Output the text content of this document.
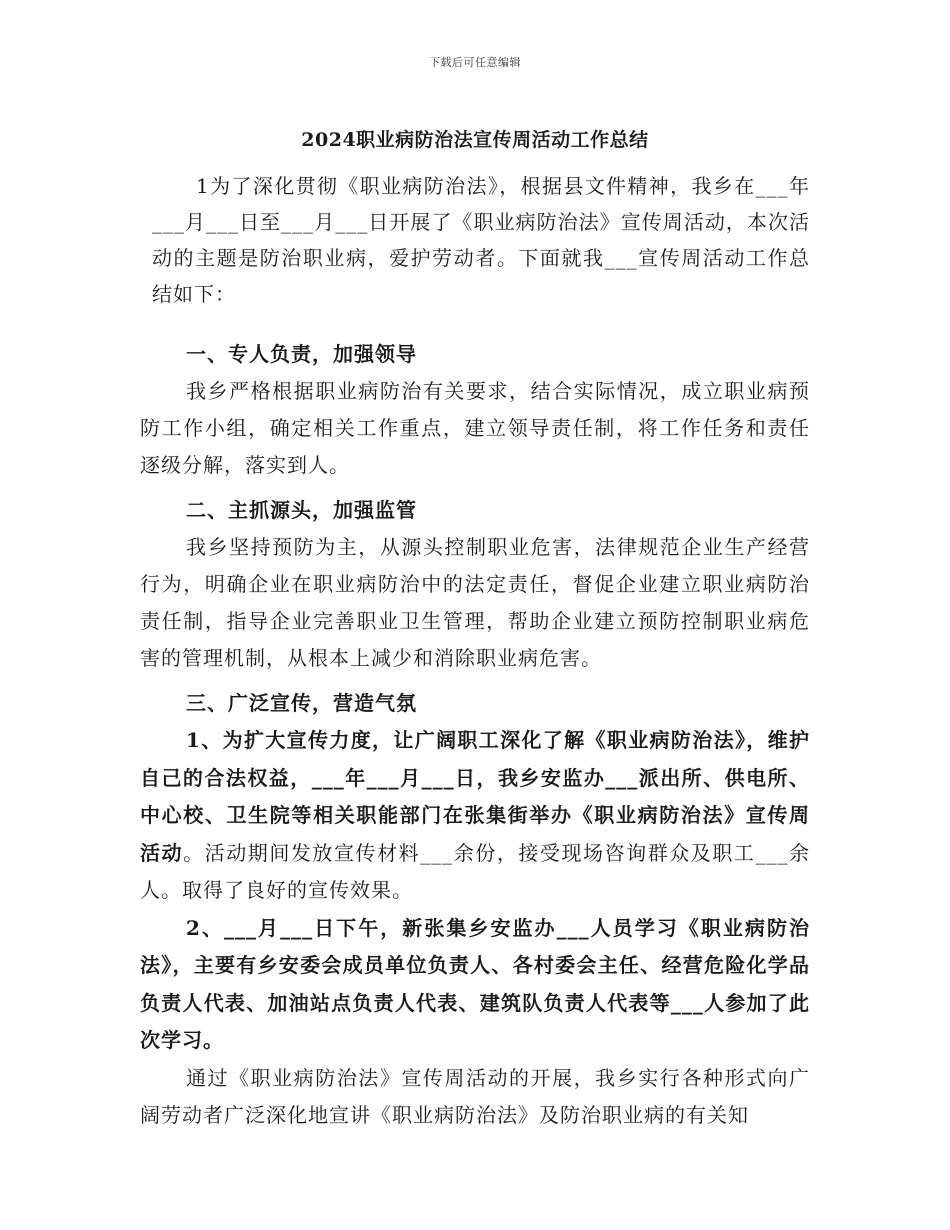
下载后可任意编辑
2024职业病防治法宣传周活动工作总结
1为了深化贯彻《职业病防治法》，根据县文件精神，我乡在___年___月___日至___月___日开展了《职业病防治法》宣传周活动，本次活动的主题是防治职业病，爱护劳动者。下面就我___宣传周活动工作总结如下：

一、专人负责，加强领导

我乡严格根据职业病防治有关要求，结合实际情况，成立职业病预防工作小组，确定相关工作重点，建立领导责任制，将工作任务和责任逐级分解，落实到人。

二、主抓源头，加强监管

我乡坚持预防为主，从源头控制职业危害，法律规范企业生产经营行为，明确企业在职业病防治中的法定责任，督促企业建立职业病防治责任制，指导企业完善职业卫生管理，帮助企业建立预防控制职业病危害的管理机制，从根本上减少和消除职业病危害。

三、广泛宣传，营造气氛

1、为扩大宣传力度，让广阔职工深化了解《职业病防治法》，维护自己的合法权益，___年___月___日，我乡安监办___派出所、供电所、中心校、卫生院等相关职能部门在张集街举办《职业病防治法》宣传周活动。活动期间发放宣传材料___余份，接受现场咨询群众及职工___余人。取得了良好的宣传效果。

2、___月___日下午，新张集乡安监办___人员学习《职业病防治法》，主要有乡安委会成员单位负责人、各村委会主任、经营危险化学品负责人代表、加油站点负责人代表、建筑队负责人代表等___人参加了此次学习。

通过《职业病防治法》宣传周活动的开展，我乡实行各种形式向广阔劳动者广泛深化地宣讲《职业病防治法》及防治职业病的有关知
